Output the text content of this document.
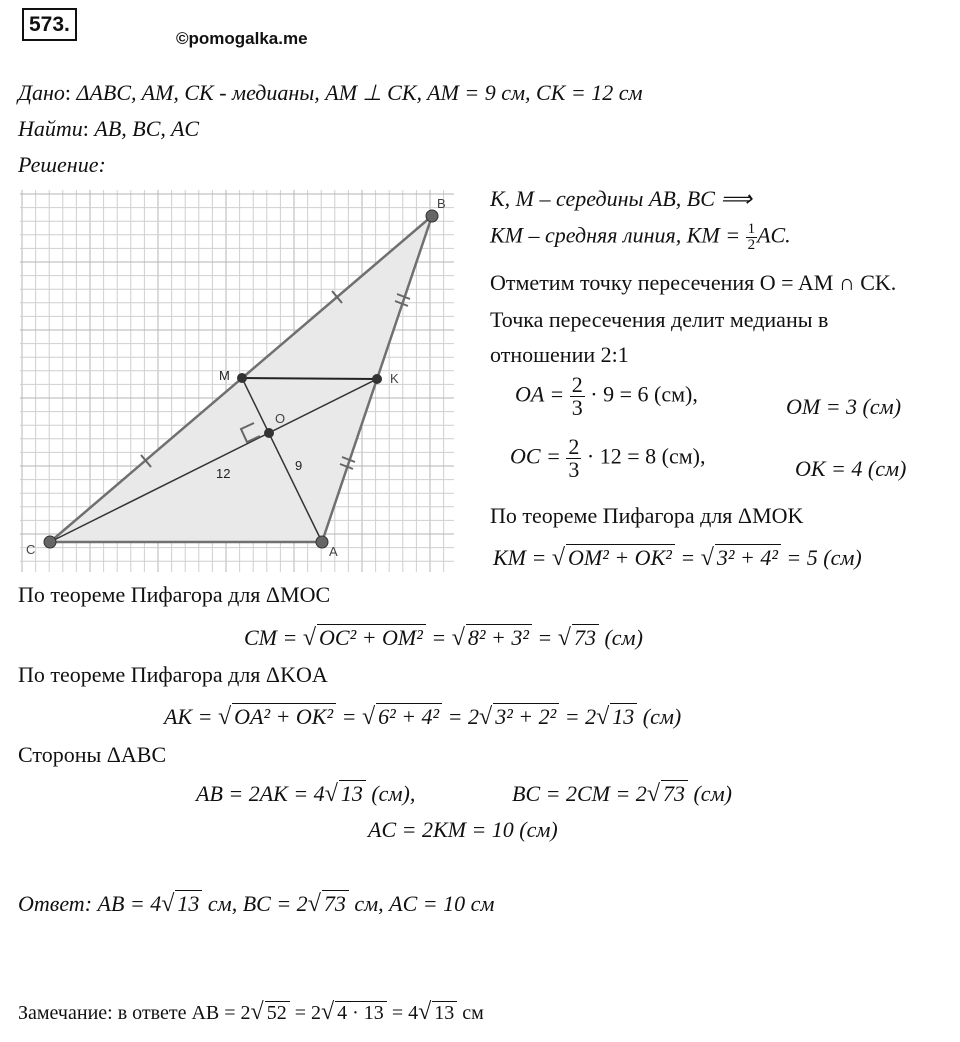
573.
©pomogalka.me
Дано: ΔABC, AM, CK - медианы, AM ⊥ CK, AM = 9 см, CK = 12 см
Найти: AB, BC, AC
Решение:
B
C	A
M	K
O
12
9
K, M – середины AB, BC ⟹
KM – средняя линия, KM = $\frac{1}{2}$ AC.
Отметим точку пересечения O = AM ∩ CK.
Точка пересечения делит медианы в
отношении 2:1
OA = $\frac{2}{3} \cdot 9 = 6$ (см),	OM = 3 (см)
OC = $\frac{2}{3} \cdot 12 = 8$ (см),	OK = 4 (см)
По теореме Пифагора для ΔMOK
KM = √ OM² + OK² = √ 3² + 4² = 5 (см)
По теореме Пифагора для ΔMOC
CM = √ OC² + OM² = √ 8² + 3² = √ 73 (см)
По теореме Пифагора для ΔKOA
AK = √ OA² + OK² = √ 6² + 4² = 2√ 3² + 2² = 2√ 13 (см)
Стороны ΔABC
AB = 2AK = 4√ 13 (см),	BC = 2CM = 2√ 73 (см)
AC = 2KM = 10 (см)
Ответ: AB = 4√ 13 см, BC = 2√ 73 см, AC = 10 см
Замечание: в ответе AB = 2√ 52 = 2√ 4 · 13 = 4√ 13 см
